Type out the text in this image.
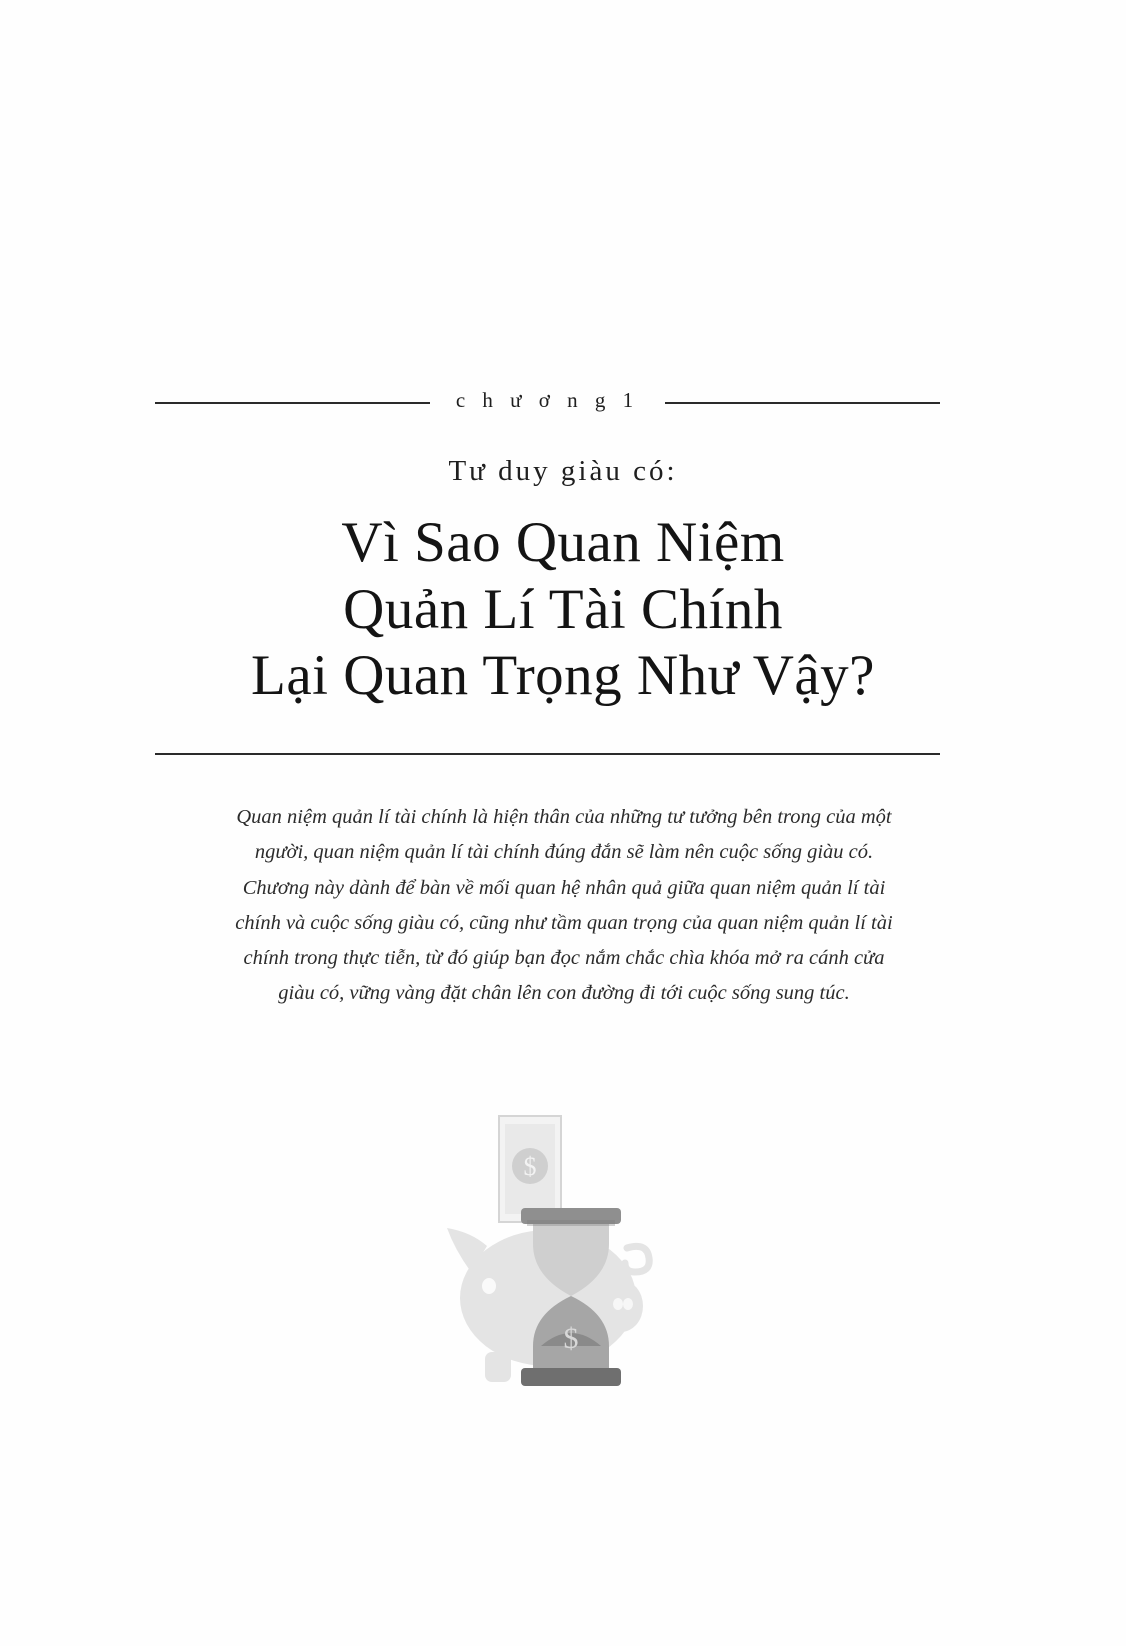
c h ư ơ n g 1
Tư duy giàu có:
Vì Sao Quan Niệm
Quản Lí Tài Chính
Lại Quan Trọng Như Vậy?
Quan niệm quản lí tài chính là hiện thân của những tư tưởng bên trong của một người, quan niệm quản lí tài chính đúng đắn sẽ làm nên cuộc sống giàu có. Chương này dành để bàn về mối quan hệ nhân quả giữa quan niệm quản lí tài chính và cuộc sống giàu có, cũng như tầm quan trọng của quan niệm quản lí tài chính trong thực tiễn, từ đó giúp bạn đọc nắm chắc chìa khóa mở ra cánh cửa giàu có, vững vàng đặt chân lên con đường đi tới cuộc sống sung túc.
$
$
